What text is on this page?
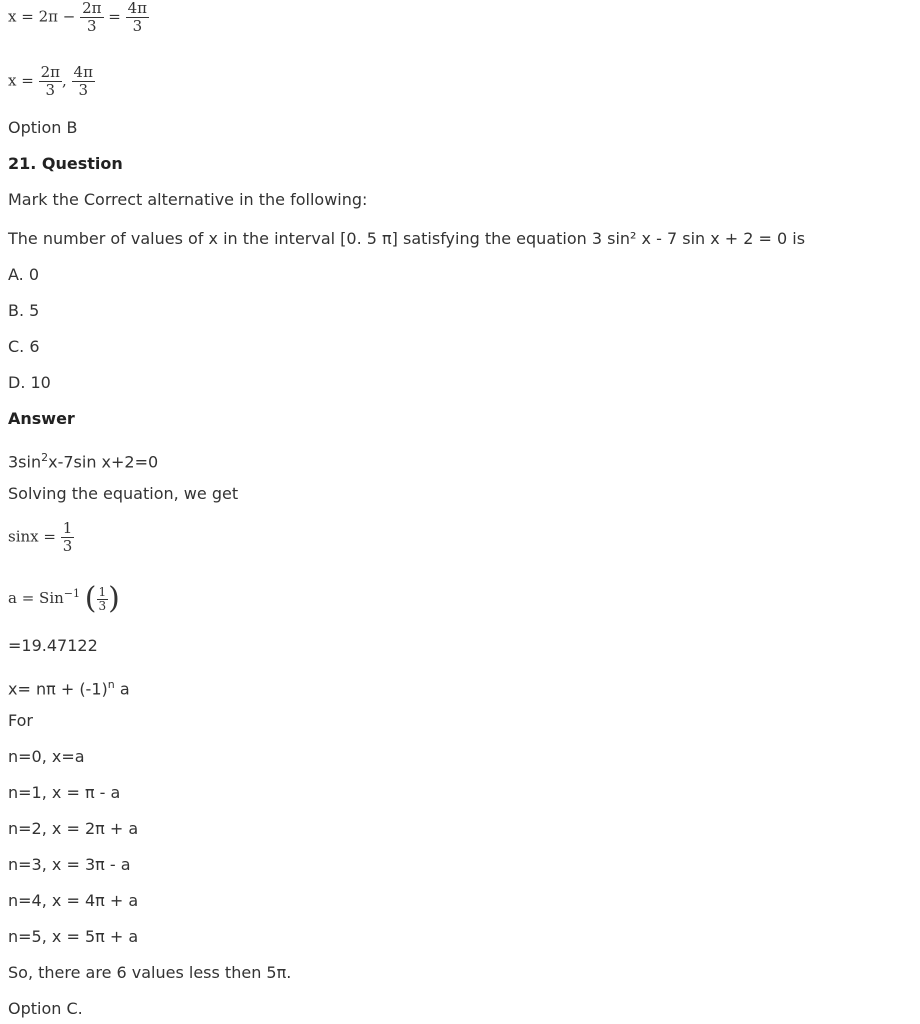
$x = 2\pi - \frac{2\pi}{3} = \frac{4\pi}{3}$
$x = \frac{2\pi}{3}$ , $\frac{4\pi}{3}$
Option B
21. Question
Mark the Correct alternative in the following:
The number of values of x in the interval [0. 5 π] satisfying the equation 3 sin² x - 7 sin x + 2 = 0 is
A. 0
B. 5
C. 6
D. 10
Answer
$3\sin^2x-7\sin$ x+2=0
Solving the equation, we get
$\sin x = \frac{1}{3}$
a = Sin$^{-1}$ ( $\frac{1}{3}$ )
=19.47122
$x= n\pi + (-1)^n$ a
For
n=0, x=a
n=1, x = π - a
n=2, x = 2π + a
n=3, x = 3π - a
n=4, x = 4π + a
n=5, x = 5π + a
So, there are 6 values less then 5π.
Option C.
